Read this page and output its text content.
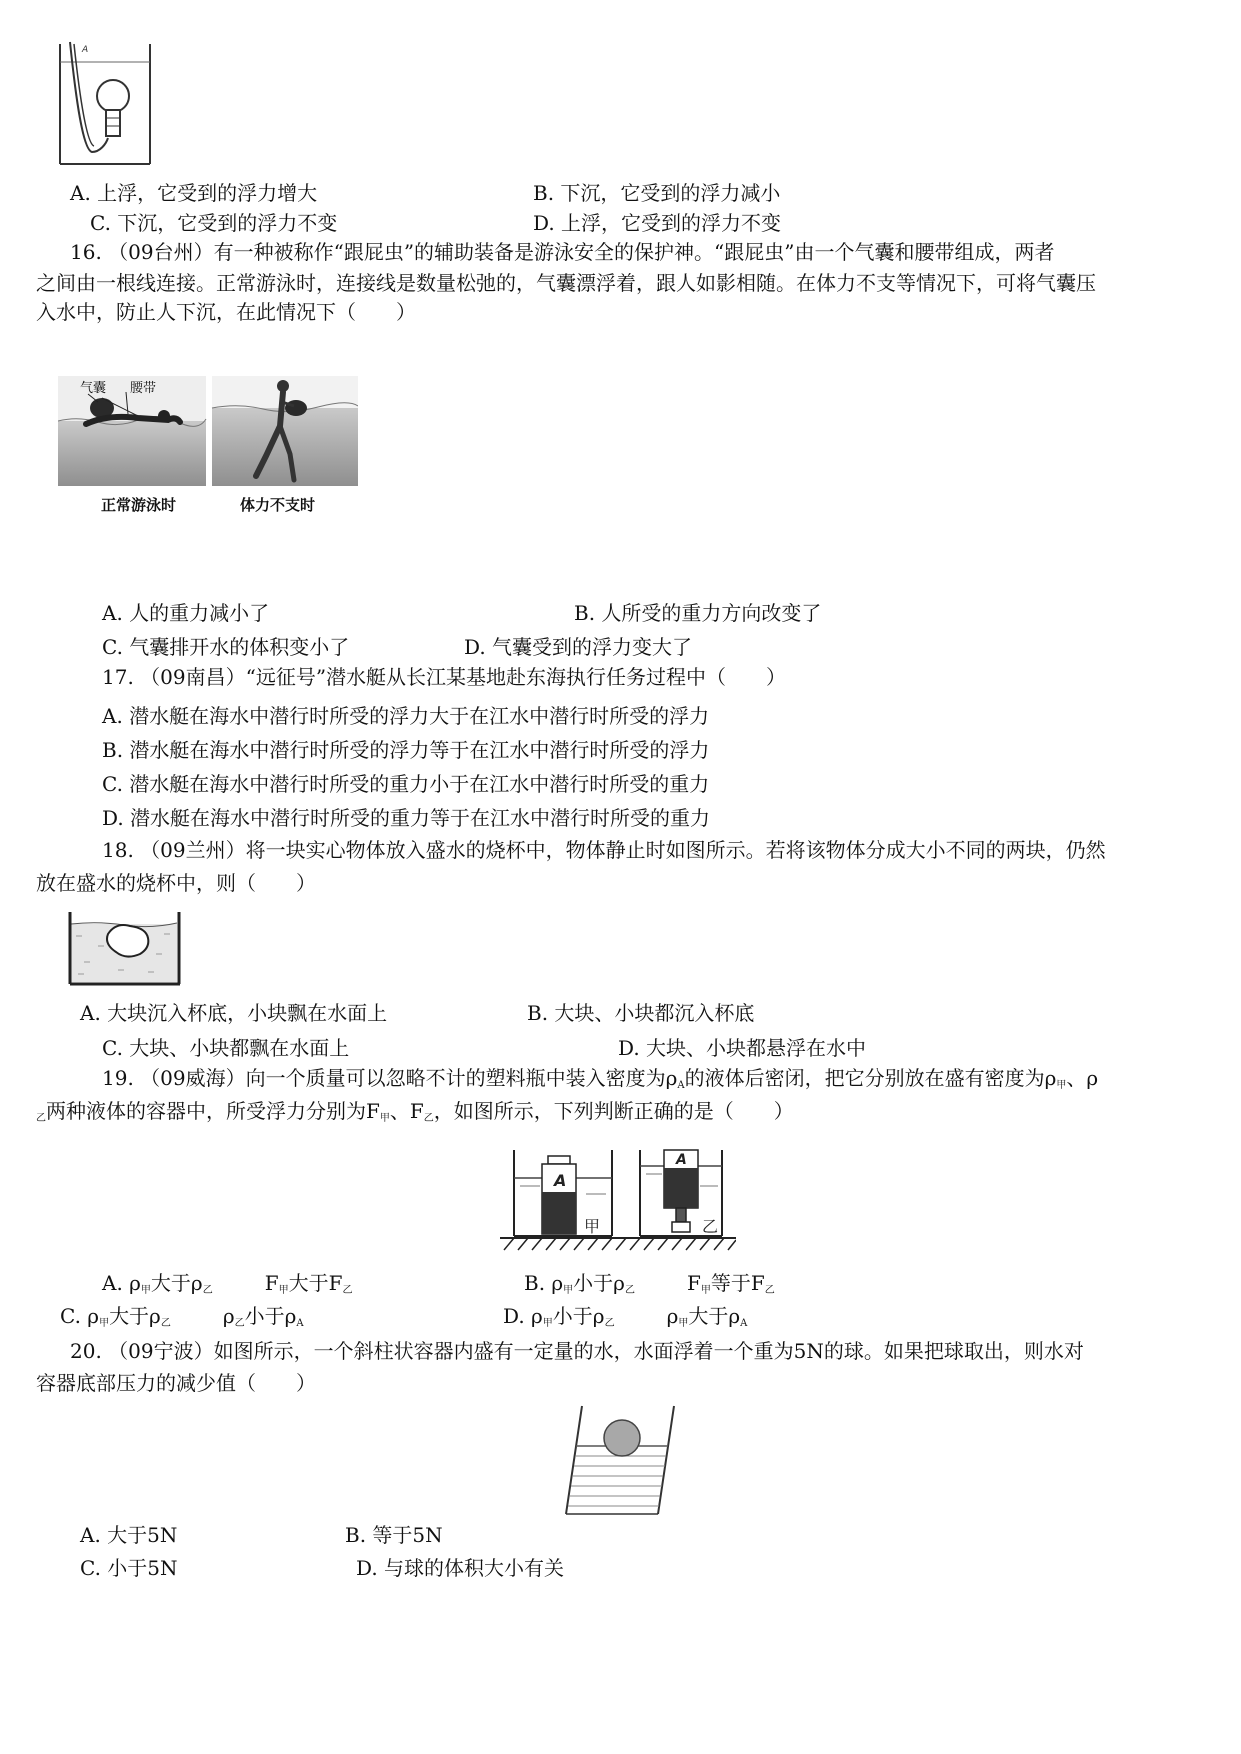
A
A. 上浮，它受到的浮力增大	B. 下沉，它受到的浮力减小
C. 下沉，它受到的浮力不变	D. 上浮，它受到的浮力不变
16. （09台州）有一种被称作“跟屁虫”的辅助装备是游泳安全的保护神。“跟屁虫”由一个气囊和腰带组成，两者
之间由一根线连接。正常游泳时，连接线是数量松弛的，气囊漂浮着，跟人如影相随。在体力不支等情况下，可将气囊压
入水中，防止人下沉，在此情况下（　　）
气囊 腰带
正常游泳时	体力不支时
A. 人的重力减小了	B. 人所受的重力方向改变了
C. 气囊排开水的体积变小了	D. 气囊受到的浮力变大了
17. （09南昌）“远征号”潜水艇从长江某基地赴东海执行任务过程中（　　）
A. 潜水艇在海水中潜行时所受的浮力大于在江水中潜行时所受的浮力
B. 潜水艇在海水中潜行时所受的浮力等于在江水中潜行时所受的浮力
C. 潜水艇在海水中潜行时所受的重力小于在江水中潜行时所受的重力
D. 潜水艇在海水中潜行时所受的重力等于在江水中潜行时所受的重力
18. （09兰州）将一块实心物体放入盛水的烧杯中，物体静止时如图所示。若将该物体分成大小不同的两块，仍然
放在盛水的烧杯中，则（　　）
A. 大块沉入杯底，小块飘在水面上	B. 大块、小块都沉入杯底
C. 大块、小块都飘在水面上	D. 大块、小块都悬浮在水中
19. （09威海）向一个质量可以忽略不计的塑料瓶中装入密度为$\rho_A$的液体后密闭，把它分别放在盛有密度为$\rho_甲$、ρ
$_乙$两种液体的容器中，所受浮力分别为$F_甲$、$F_乙$，如图所示，下列判断正确的是（　　）
A
甲
A
乙
A. $\rho_甲$大于$\rho_乙$	$F_甲$大于$F_乙$	B. $\rho_甲$小于$\rho_乙$	$F_甲$等于$F_乙$
C. $\rho_甲$大于$\rho_乙$	$\rho_乙$小于$\rho_A$	D. $\rho_甲$小于$\rho_乙$	$\rho_甲$大于$\rho_A$
20. （09宁波）如图所示，一个斜柱状容器内盛有一定量的水，水面浮着一个重为5N的球。如果把球取出，则水对
容器底部压力的减少值（　　）
A. 大于5N	B. 等于5N
C. 小于5N	D. 与球的体积大小有关
